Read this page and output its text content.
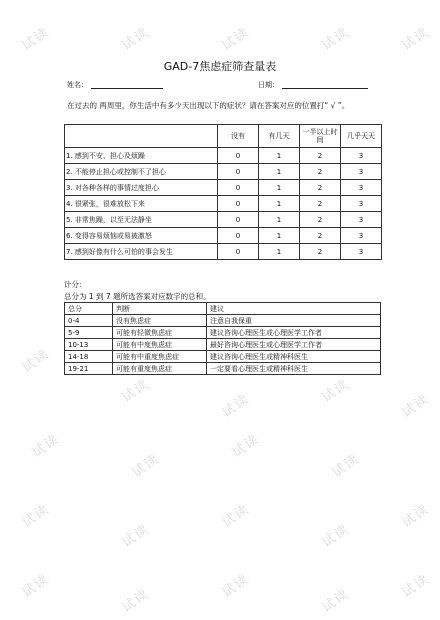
试读	试读	试读	试读	试读
试读
试读
试读
试读
试读
试读
试读
试读
试读
试读
试读
试读
试读
试读
试读
试读
试读
试读
试读
GAD-7焦虑症筛查量表
姓名：	日期：
在过去的 两周里，你生活中有多少天出现以下的症状？请在答案对应的位置打“ √ ”。
	没有	有几天	一半以上时间	几乎天天
1. 感到不安、担心及烦躁	0	1	2	3
2. 不能停止担心或控制不了担心	0	1	2	3
3. 对各种各样的事情过度担心	0	1	2	3
4. 很紧张，很难放松下来	0	1	2	3
5. 非常焦躁，以至无法静坐	0	1	2	3
6. 变得容易烦恼或易被激怒	0	1	2	3
7. 感到好像有什么可怕的事会发生	0	1	2	3
计分：
总分为 1 到 7 题所选答案对应数字的总和。
总分	判断	建议
0-4	没有焦虑症	注意自我保重
5-9	可能有轻微焦虑症	建议咨询心理医生或心理医学工作者
10-13	可能有中度焦虑症	最好咨询心理医生或心理医学工作者
14-18	可能有中重度焦虑症	建议咨询心理医生或精神科医生
19-21	可能有重度焦虑症	一定要看心理医生或精神科医生
